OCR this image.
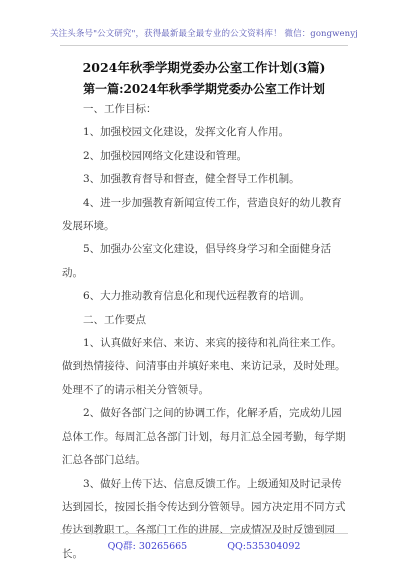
关注头条号"公文研究"，获得最新最全最专业的公文资料库！ 微信：gongwenyj
2024年秋季学期党委办公室工作计划(3篇)
第一篇:2024年秋季学期党委办公室工作计划

一、工作目标：

1、加强校园文化建设，发挥文化育人作用。

2、加强校园网络文化建设和管理。

3、加强教育督导和督查，健全督导工作机制。

4、进一步加强教育新闻宣传工作，营造良好的幼儿教育发展环境。

5、加强办公室文化建设，倡导终身学习和全面健身活动。

6、大力推动教育信息化和现代远程教育的培训。

二、工作要点

1、认真做好来信、来访、来宾的接待和礼尚往来工作。做到热情接待、问清事由并填好来电、来访记录，及时处理。处理不了的请示相关分管领导。

2、做好各部门之间的协调工作，化解矛盾，完成幼儿园总体工作。每周汇总各部门计划，每月汇总全园考勤，每学期汇总各部门总结。

3、做好上传下达、信息反馈工作。上级通知及时记录传达到园长，按园长指令传达到分管领导。园方决定用不同方式传达到教职工。各部门工作的进展、完成情况及时反馈到园长。

QQ群: 30265665	QQ:535304092
